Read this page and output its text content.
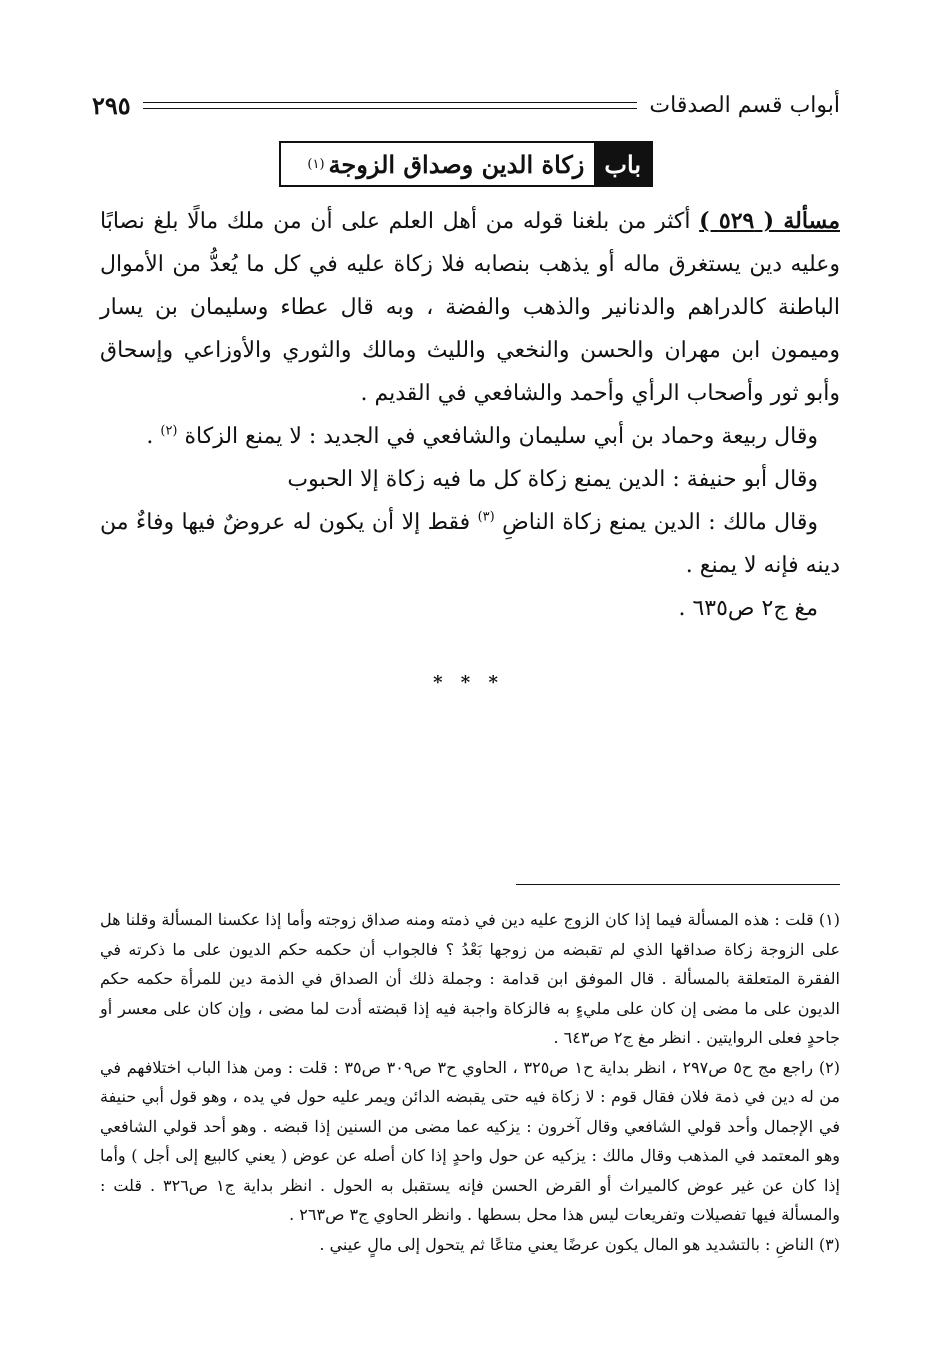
أبواب قسم الصدقات
٢٩٥
باب
زكاة الدين وصداق الزوجة
(١)

مسألة ( ٥٢٩ ) أكثر من بلغنا قوله من أهل العلم على أن من ملك مالًا بلغ نصابًا وعليه دين يستغرق ماله أو يذهب بنصابه فلا زكاة عليه في كل ما يُعدُّ من الأموال الباطنة كالدراهم والدنانير والذهب والفضة ، وبه قال عطاء وسليمان بن يسار وميمون ابن مهران والحسن والنخعي والليث ومالك والثوري والأوزاعي وإسحاق وأبو ثور وأصحاب الرأي وأحمد والشافعي في القديم .

وقال ربيعة وحماد بن أبي سليمان والشافعي في الجديد : لا يمنع الزكاة $^{(٢)}$ .

وقال أبو حنيفة : الدين يمنع زكاة كل ما فيه زكاة إلا الحبوب

وقال مالك : الدين يمنع زكاة الناضِ $^{(٣)}$ فقط إلا أن يكون له عروضٌ فيها وفاءٌ من دينه فإنه لا يمنع .

مغ ج٢ ص٦٣٥ .

* * *

(١) قلت : هذه المسألة فيما إذا كان الزوج عليه دين في ذمته ومنه صداق زوجته وأما إذا عكسنا المسألة وقلنا هل على الزوجة زكاة صداقها الذي لم تقبضه من زوجها بَعْدُ ؟ فالجواب أن حكمه حكم الديون على ما ذكرته في الفقرة المتعلقة بالمسألة . قال الموفق ابن قدامة : وجملة ذلك أن الصداق في الذمة دين للمرأة حكمه حكم الديون على ما مضى إن كان على مليءٍ به فالزكاة واجبة فيه إذا قبضته أدت لما مضى ، وإن كان على معسر أو جاحدٍ فعلى الروايتين . انظر مغ ج٢ ص٦٤٣ .

(٢) راجع مج ح٥ ص٢٩٧ ، انظر بداية ح١ ص٣٢٥ ، الحاوي ح٣ ص٣٠٩ ص٣٥ : قلت : ومن هذا الباب اختلافهم في من له دين في ذمة فلان فقال قوم : لا زكاة فيه حتى يقبضه الدائن ويمر عليه حول في يده ، وهو قول أبي حنيفة في الإجمال وأحد قولي الشافعي وقال آخرون : يزكيه عما مضى من السنين إذا قبضه . وهو أحد قولي الشافعي وهو المعتمد في المذهب وقال مالك : يزكيه عن حول واحدٍ إذا كان أصله عن عوض ( يعني كالبيع إلى أجل ) وأما إذا كان عن غير عوض كالميراث أو القرض الحسن فإنه يستقبل به الحول . انظر بداية ج١ ص٣٢٦ . قلت : والمسألة فيها تفصيلات وتفريعات ليس هذا محل بسطها . وانظر الحاوي ج٣ ص٢٦٣ .

(٣) الناضِ : بالتشديد هو المال يكون عرضًا يعني متاعًا ثم يتحول إلى مالٍ عيني .
